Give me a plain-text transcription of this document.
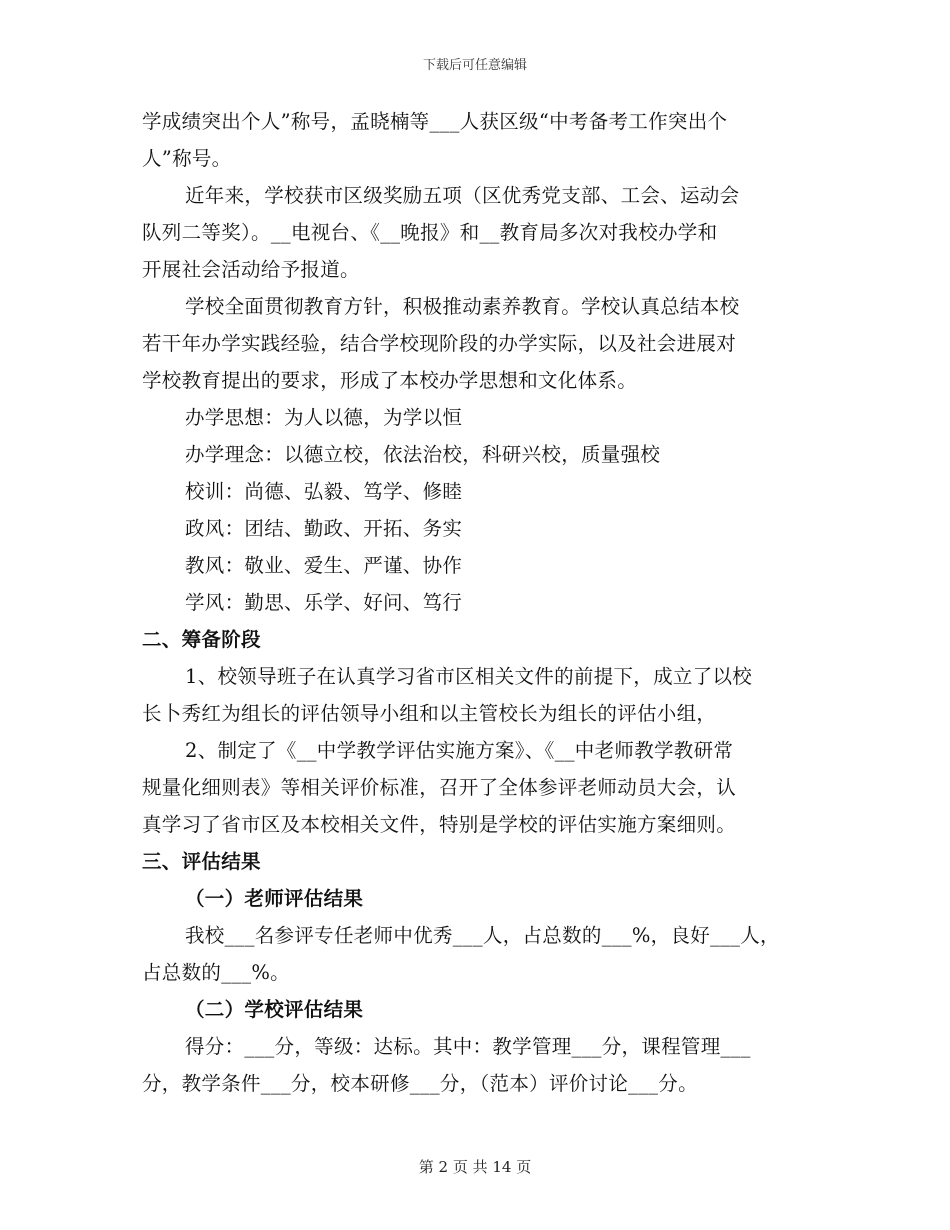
下载后可任意编辑
学成绩突出个人”称号，孟晓楠等___人获区级“中考备考工作突出个
人”称号。
近年来，学校获市区级奖励五项（区优秀党支部、工会、运动会
队列二等奖）。__电视台、《__晚报》和__教育局多次对我校办学和
开展社会活动给予报道。
学校全面贯彻教育方针，积极推动素养教育。学校认真总结本校
若干年办学实践经验，结合学校现阶段的办学实际，以及社会进展对
学校教育提出的要求，形成了本校办学思想和文化体系。
办学思想：为人以德，为学以恒
办学理念：以德立校，依法治校，科研兴校，质量强校
校训：尚德、弘毅、笃学、修睦
政风：团结、勤政、开拓、务实
教风：敬业、爱生、严谨、协作
学风：勤思、乐学、好问、笃行
二、筹备阶段
1、校领导班子在认真学习省市区相关文件的前提下，成立了以校
长卜秀红为组长的评估领导小组和以主管校长为组长的评估小组，
2、制定了《__中学教学评估实施方案》、《__中老师教学教研常
规量化细则表》等相关评价标准，召开了全体参评老师动员大会，认
真学习了省市区及本校相关文件，特别是学校的评估实施方案细则。
三、评估结果
（一）老师评估结果
我校___名参评专任老师中优秀___人，占总数的___%，良好___人，
占总数的___%。
（二）学校评估结果
得分：___分，等级：达标。其中：教学管理___分，课程管理___
分，教学条件___分，校本研修___分，（范本）评价讨论___分。
第 2 页 共 14 页
